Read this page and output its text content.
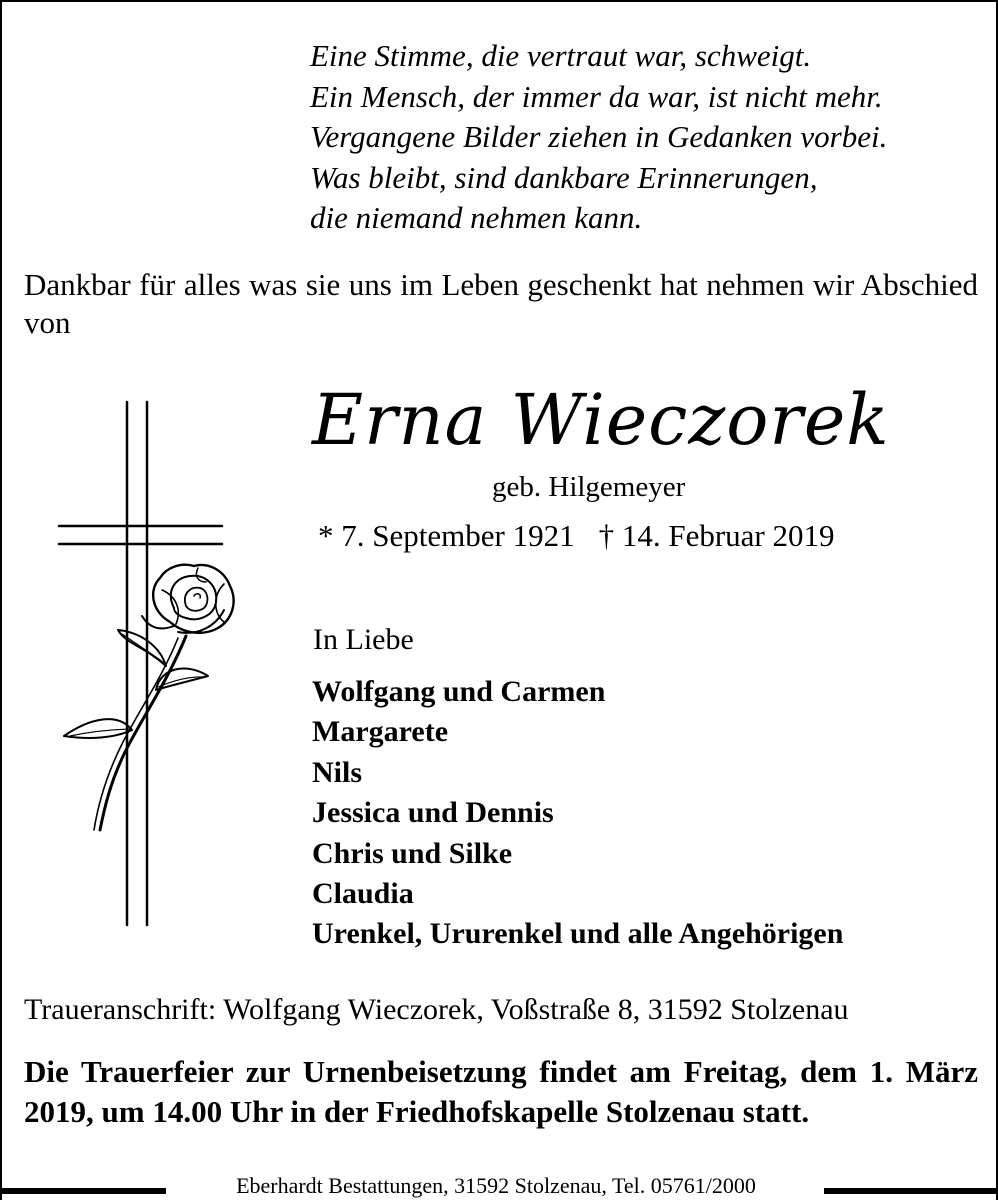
Eine Stimme, die vertraut war, schweigt.
Ein Mensch, der immer da war, ist nicht mehr.
Vergangene Bilder ziehen in Gedanken vorbei.
Was bleibt, sind dankbare Erinnerungen,
die niemand nehmen kann.
Dankbar für alles was sie uns im Leben geschenkt hat nehmen wir Abschied von
Erna Wieczorek
geb. Hilgemeyer
* 7. September 1921 † 14. Februar 2019
In Liebe
Wolfgang und Carmen
Margarete
Nils
Jessica und Dennis
Chris und Silke
Claudia
Urenkel, Ururenkel und alle Angehörigen
Traueranschrift: Wolfgang Wieczorek, Voßstraße 8, 31592 Stolzenau
Die Trauerfeier zur Urnenbeisetzung findet am Freitag, dem 1. März 2019, um 14.00 Uhr in der Friedhofskapelle Stolzenau statt.
Eberhardt Bestattungen, 31592 Stolzenau, Tel. 05761/2000
